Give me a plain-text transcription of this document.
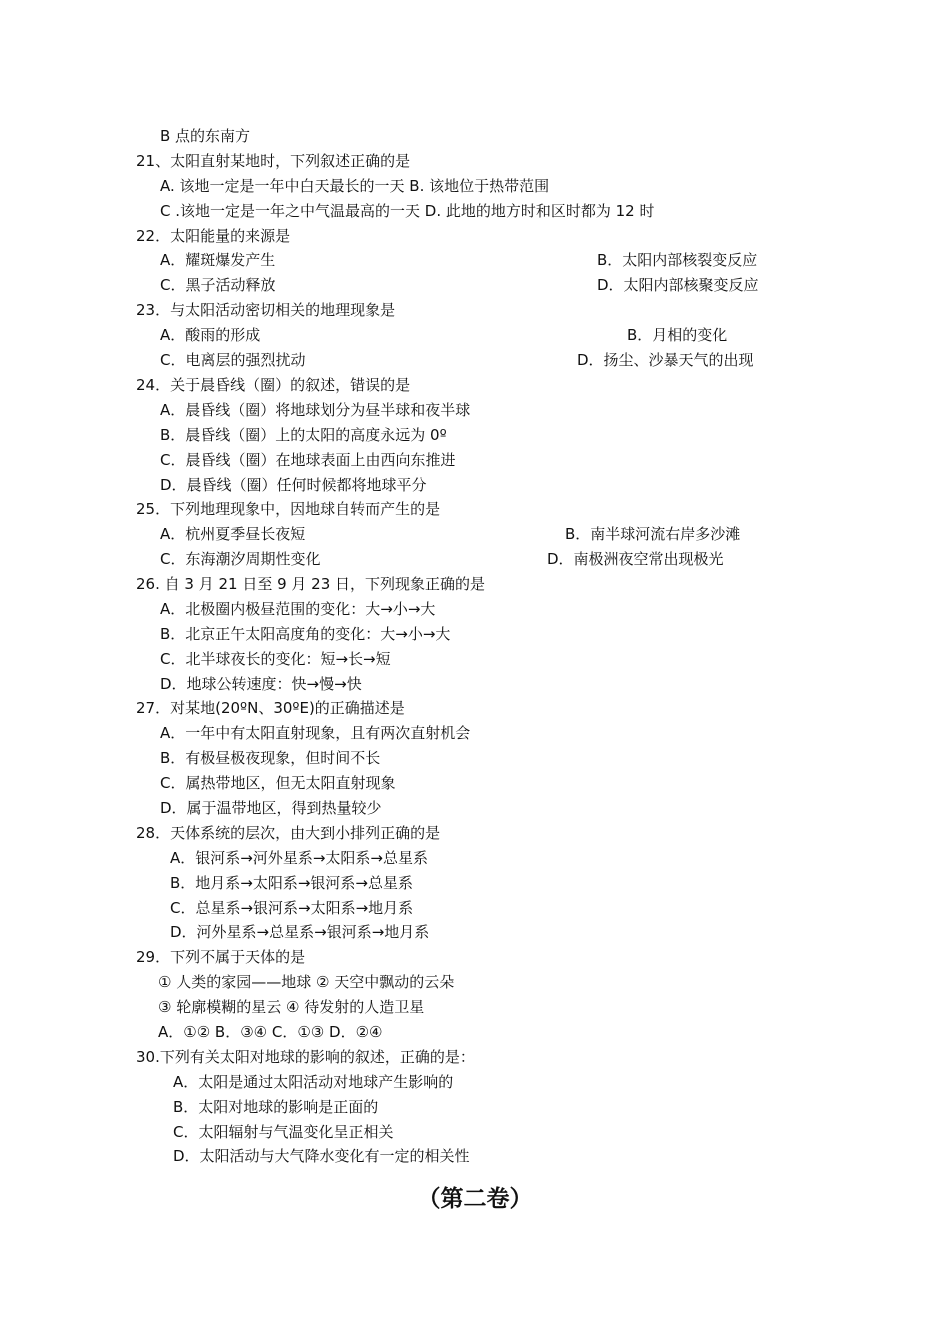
B 点的东南方
21、太阳直射某地时，下列叙述正确的是
A. 该地一定是一年中白天最长的一天 B. 该地位于热带范围
C .该地一定是一年之中气温最高的一天 D. 此地的地方时和区时都为 12 时
22．太阳能量的来源是
A．耀斑爆发产生	B．太阳内部核裂变反应
C．黑子活动释放	D．太阳内部核聚变反应
23．与太阳活动密切相关的地理现象是
A．酸雨的形成	B．月相的变化
C．电离层的强烈扰动	D．扬尘、沙暴天气的出现
24．关于晨昏线（圈）的叙述，错误的是
A．晨昏线（圈）将地球划分为昼半球和夜半球
B．晨昏线（圈）上的太阳的高度永远为 0º
C．晨昏线（圈）在地球表面上由西向东推进
D．晨昏线（圈）任何时候都将地球平分
25．下列地理现象中，因地球自转而产生的是
A．杭州夏季昼长夜短	B．南半球河流右岸多沙滩
C．东海潮汐周期性变化	D．南极洲夜空常出现极光
26. 自 3 月 21 日至 9 月 23 日，下列现象正确的是
A．北极圈内极昼范围的变化：大→小→大
B．北京正午太阳高度角的变化：大→小→大
C．北半球夜长的变化：短→长→短
D．地球公转速度：快→慢→快
27．对某地(20ºN、30ºE)的正确描述是
A．一年中有太阳直射现象，且有两次直射机会
B．有极昼极夜现象，但时间不长
C．属热带地区，但无太阳直射现象
D．属于温带地区，得到热量较少
28．天体系统的层次，由大到小排列正确的是
A．银河系→河外星系→太阳系→总星系
B．地月系→太阳系→银河系→总星系
C．总星系→银河系→太阳系→地月系
D．河外星系→总星系→银河系→地月系
29．下列不属于天体的是
① 人类的家园——地球 ② 天空中飘动的云朵
③ 轮廓模糊的星云 ④ 待发射的人造卫星
A．①② B．③④ C．①③ D．②④
30.下列有关太阳对地球的影响的叙述，正确的是：
A．太阳是通过太阳活动对地球产生影响的
B．太阳对地球的影响是正面的
C．太阳辐射与气温变化呈正相关
D．太阳活动与大气降水变化有一定的相关性
（第二卷）
